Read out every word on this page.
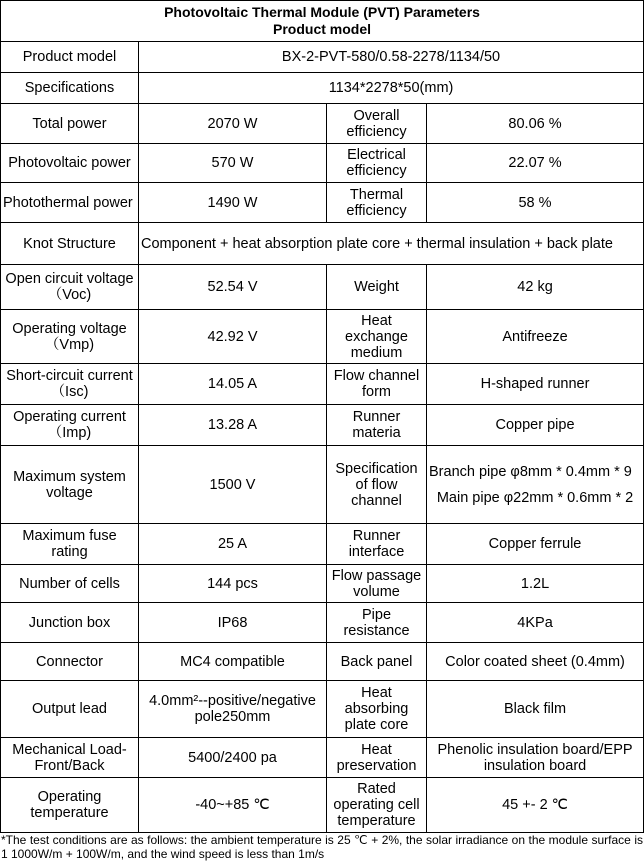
Photovoltaic Thermal Module (PVT) Parameters
Product model			

Product model	BX-2-PVT-580/0.58-2278/1134/50		
Specifications	1134*2278*50(mm)		
Total power	2070 W	Overall efficiency	80.06 %
Photovoltaic power	570 W	Electrical efficiency	22.07 %
Photothermal power	1490 W	Thermal efficiency	58 %
Knot Structure	Component + heat absorption plate core + thermal insulation + back plate		
Open circuit voltage（Voc)	52.54 V	Weight	42 kg
Operating voltage（Vmp)	42.92 V	Heat exchange medium	Antifreeze
Short-circuit current（Isc)	14.05 A	Flow channel form	H-shaped runner
Operating current（Imp)	13.28 A	Runner materia	Copper pipe
Maximum system voltage	1500 V	Specification of flow channel	Branch pipe φ8mm * 0.4mm * 9
Main pipe φ22mm * 0.6mm * 2

Maximum fuse rating	25 A	Runner interface	Copper ferrule
Number of cells	144 pcs	Flow passage volume	1.2L
Junction box	IP68	Pipe resistance	4KPa
Connector	MC4 compatible	Back panel	Color coated sheet (0.4mm)
Output lead	4.0mm²--positive/negative pole250mm	Heat absorbing plate core	Black film
Mechanical Load-Front/Back	5400/2400 pa	Heat preservation	Phenolic insulation board/EPP insulation board
Operating temperature	-40~+85 ℃	Rated operating cell temperature	45 +- 2 ℃
*The test conditions are as follows: the ambient temperature is 25 ℃ + 2%, the solar irradiance on the module surface is 1 1000W/m + 100W/m, and the wind speed is less than 1m/s
